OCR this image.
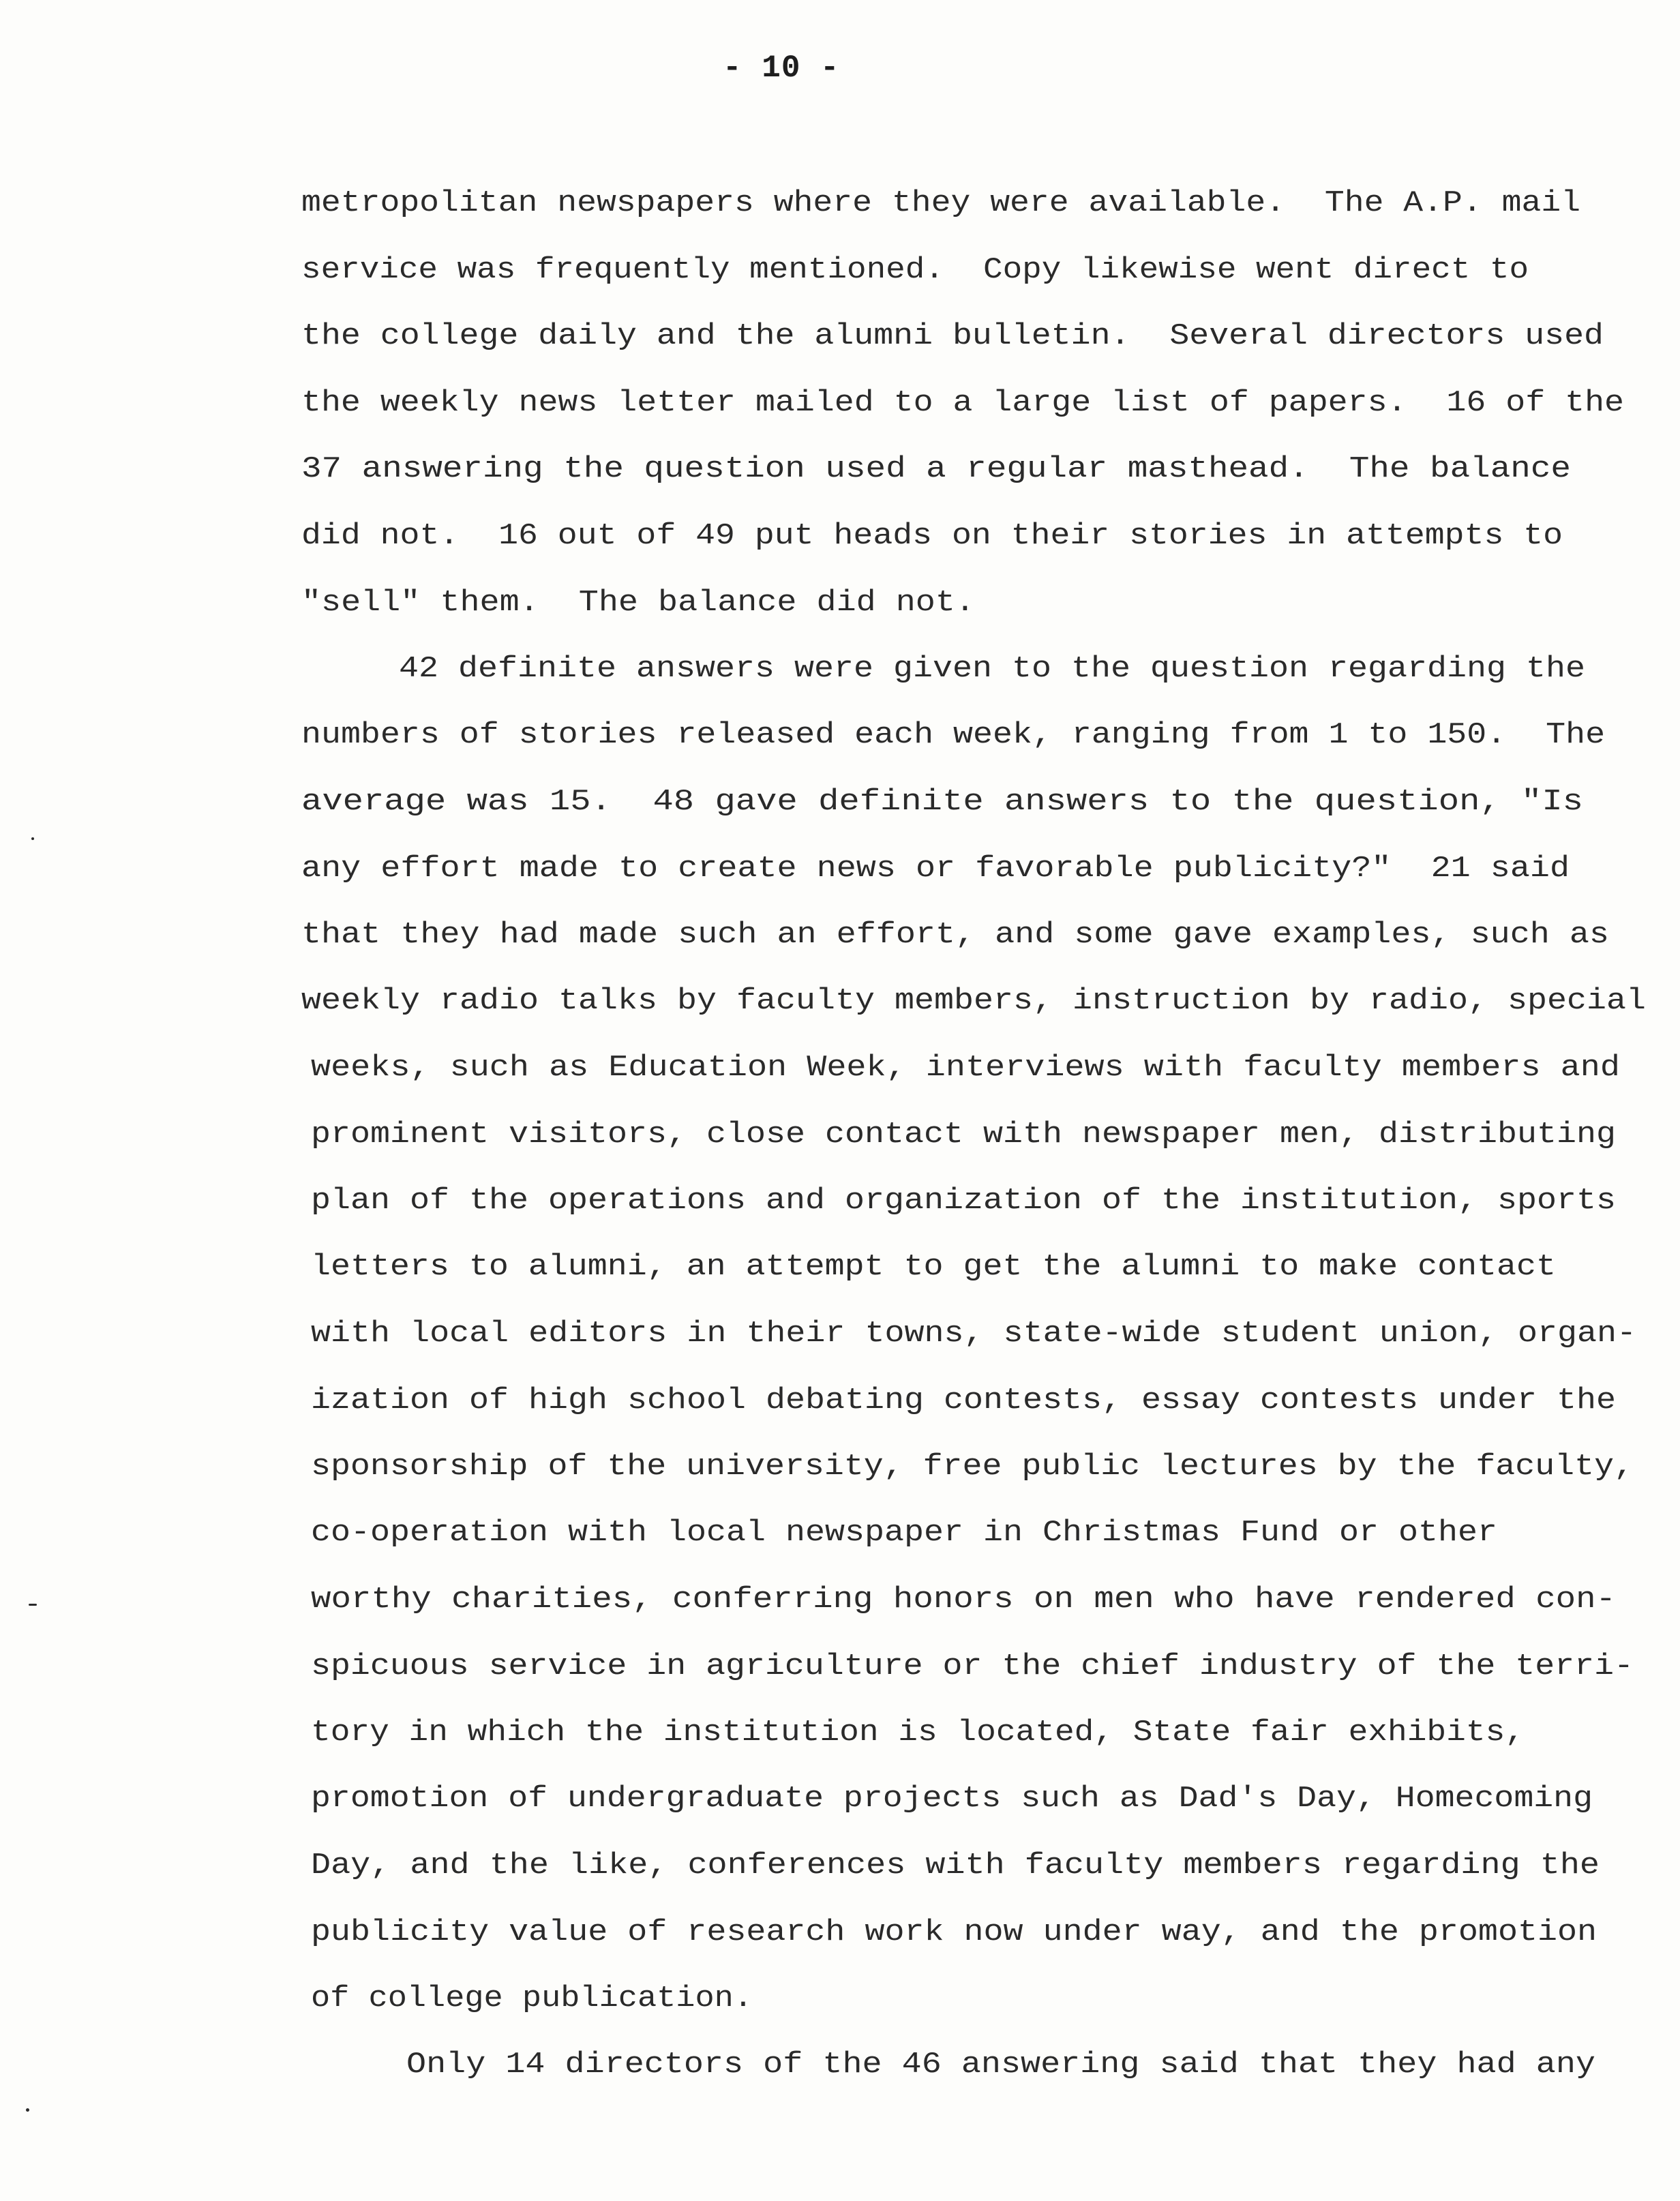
- 10 -
metropolitan newspapers where they were available.  The A.P. mail
service was frequently mentioned.  Copy likewise went direct to
the college daily and the alumni bulletin.  Several directors used
the weekly news letter mailed to a large list of papers.  16 of the
37 answering the question used a regular masthead.  The balance
did not.  16 out of 49 put heads on their stories in attempts to
"sell" them.  The balance did not.
42 definite answers were given to the question regarding the
numbers of stories released each week, ranging from 1 to 150.  The
average was 15.  48 gave definite answers to the question, "Is
any effort made to create news or favorable publicity?"  21 said
that they had made such an effort, and some gave examples, such as
weekly radio talks by faculty members, instruction by radio, special
weeks, such as Education Week, interviews with faculty members and
prominent visitors, close contact with newspaper men, distributing
plan of the operations and organization of the institution, sports
letters to alumni, an attempt to get the alumni to make contact
with local editors in their towns, state-wide student union, organ-
ization of high school debating contests, essay contests under the
sponsorship of the university, free public lectures by the faculty,
co-operation with local newspaper in Christmas Fund or other
worthy charities, conferring honors on men who have rendered con-
spicuous service in agriculture or the chief industry of the terri-
tory in which the institution is located, State fair exhibits,
promotion of undergraduate projects such as Dad's Day, Homecoming
Day, and the like, conferences with faculty members regarding the
publicity value of research work now under way, and the promotion
of college publication.
Only 14 directors of the 46 answering said that they had any
